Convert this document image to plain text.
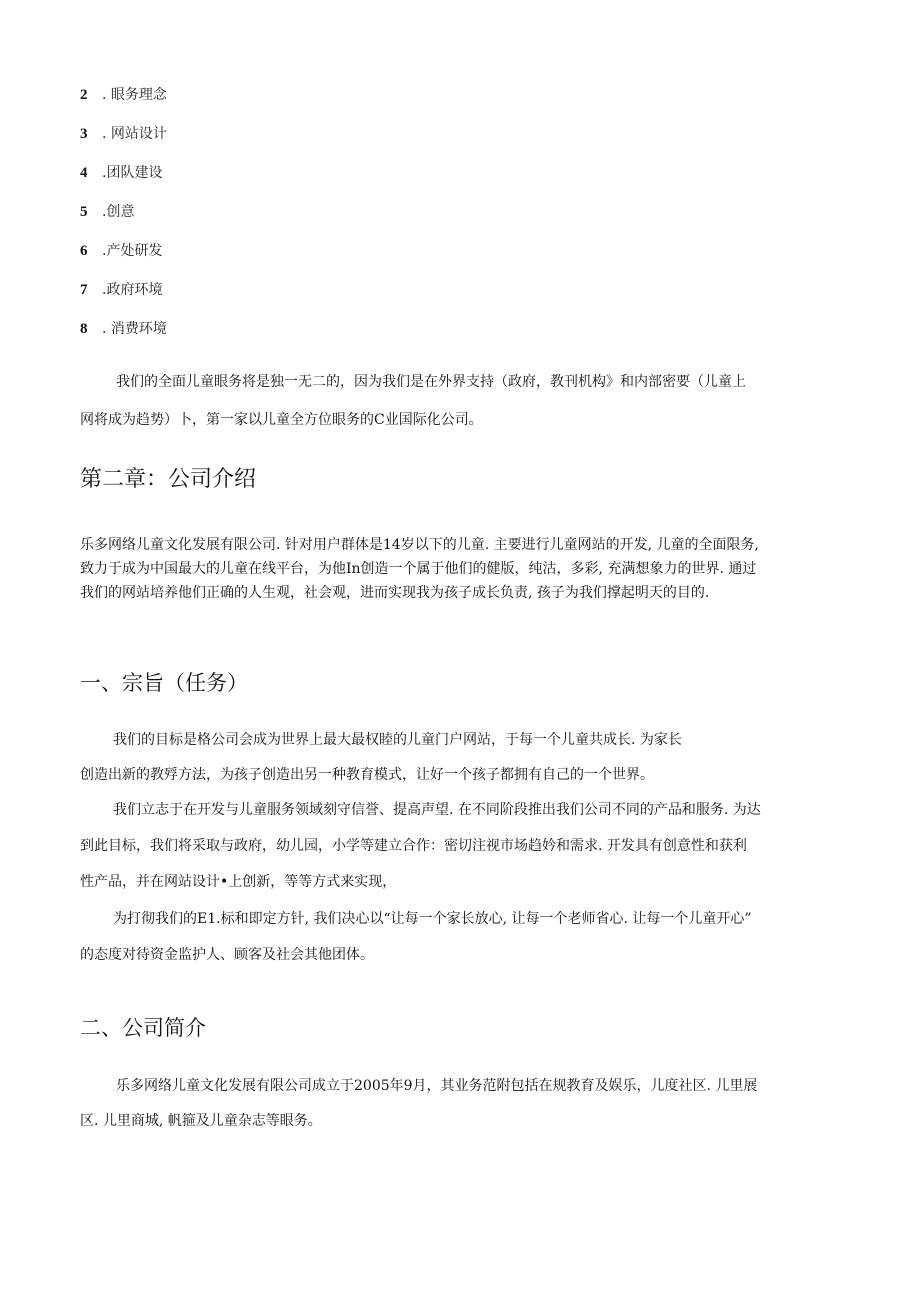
2	. 眼务理念
3	. 网站设计
4	.团队建设
5	.创意
6	.产处研发
7	.政府环境
8	. 消费环境
我们的全面儿童眼务将是独一无二的，因为我们是在外界支持（政府，教刊机构》和内部密要（儿童上
网将成为趋势）卜，第一家以儿童全方位眼务的C业国际化公司。
第二章：公司介绍
乐多网络儿童文化发展有限公司. 针对用户群体是14岁以下的儿童. 主要进行儿童网站的开发, 儿童的全面限务,
致力于成为中国最大的儿童在线平台，为他In创造一个属于他们的健版，纯沽，多彩, 充满想象力的世界. 通过
我们的网站培养他们正确的人生观，社会观，进而实现我为孩子成长负责, 孩子为我们撑起明天的目的.
一、宗旨（任务）
我们的目标是格公司会成为世界上最大最权睦的儿童门户网站，于每一个儿童共成长. 为家长
创造出新的教殍方法，为孩子创造出另一种教育模式，让好一个孩子都拥有自己的一个世界。
我们立志于在开发与儿童服务领域刻守信誉、提高声望. 在不同阶段推出我们公司不同的产品和服务. 为达
到此目标，我们将采取与政府，幼儿园，小学等建立合作：密切注视市场趋妗和需求. 开发具有创意性和获利
性产品，并在网站设计•上创新，等等方式来实现，
为打彻我们的E1.标和即定方针, 我们决心以“让每一个家长放心, 让每一个老师省心. 让每一个儿童开心”
的态度对待资金监护人、顾客及社会其他团体。
二、公司简介
乐多网络儿童文化发展有限公司成立于2005年9月，其业务范附包括在规教育及娱乐，儿度社区. 儿里展
区. 儿里商城, 帆箍及儿童杂志等眼务。
